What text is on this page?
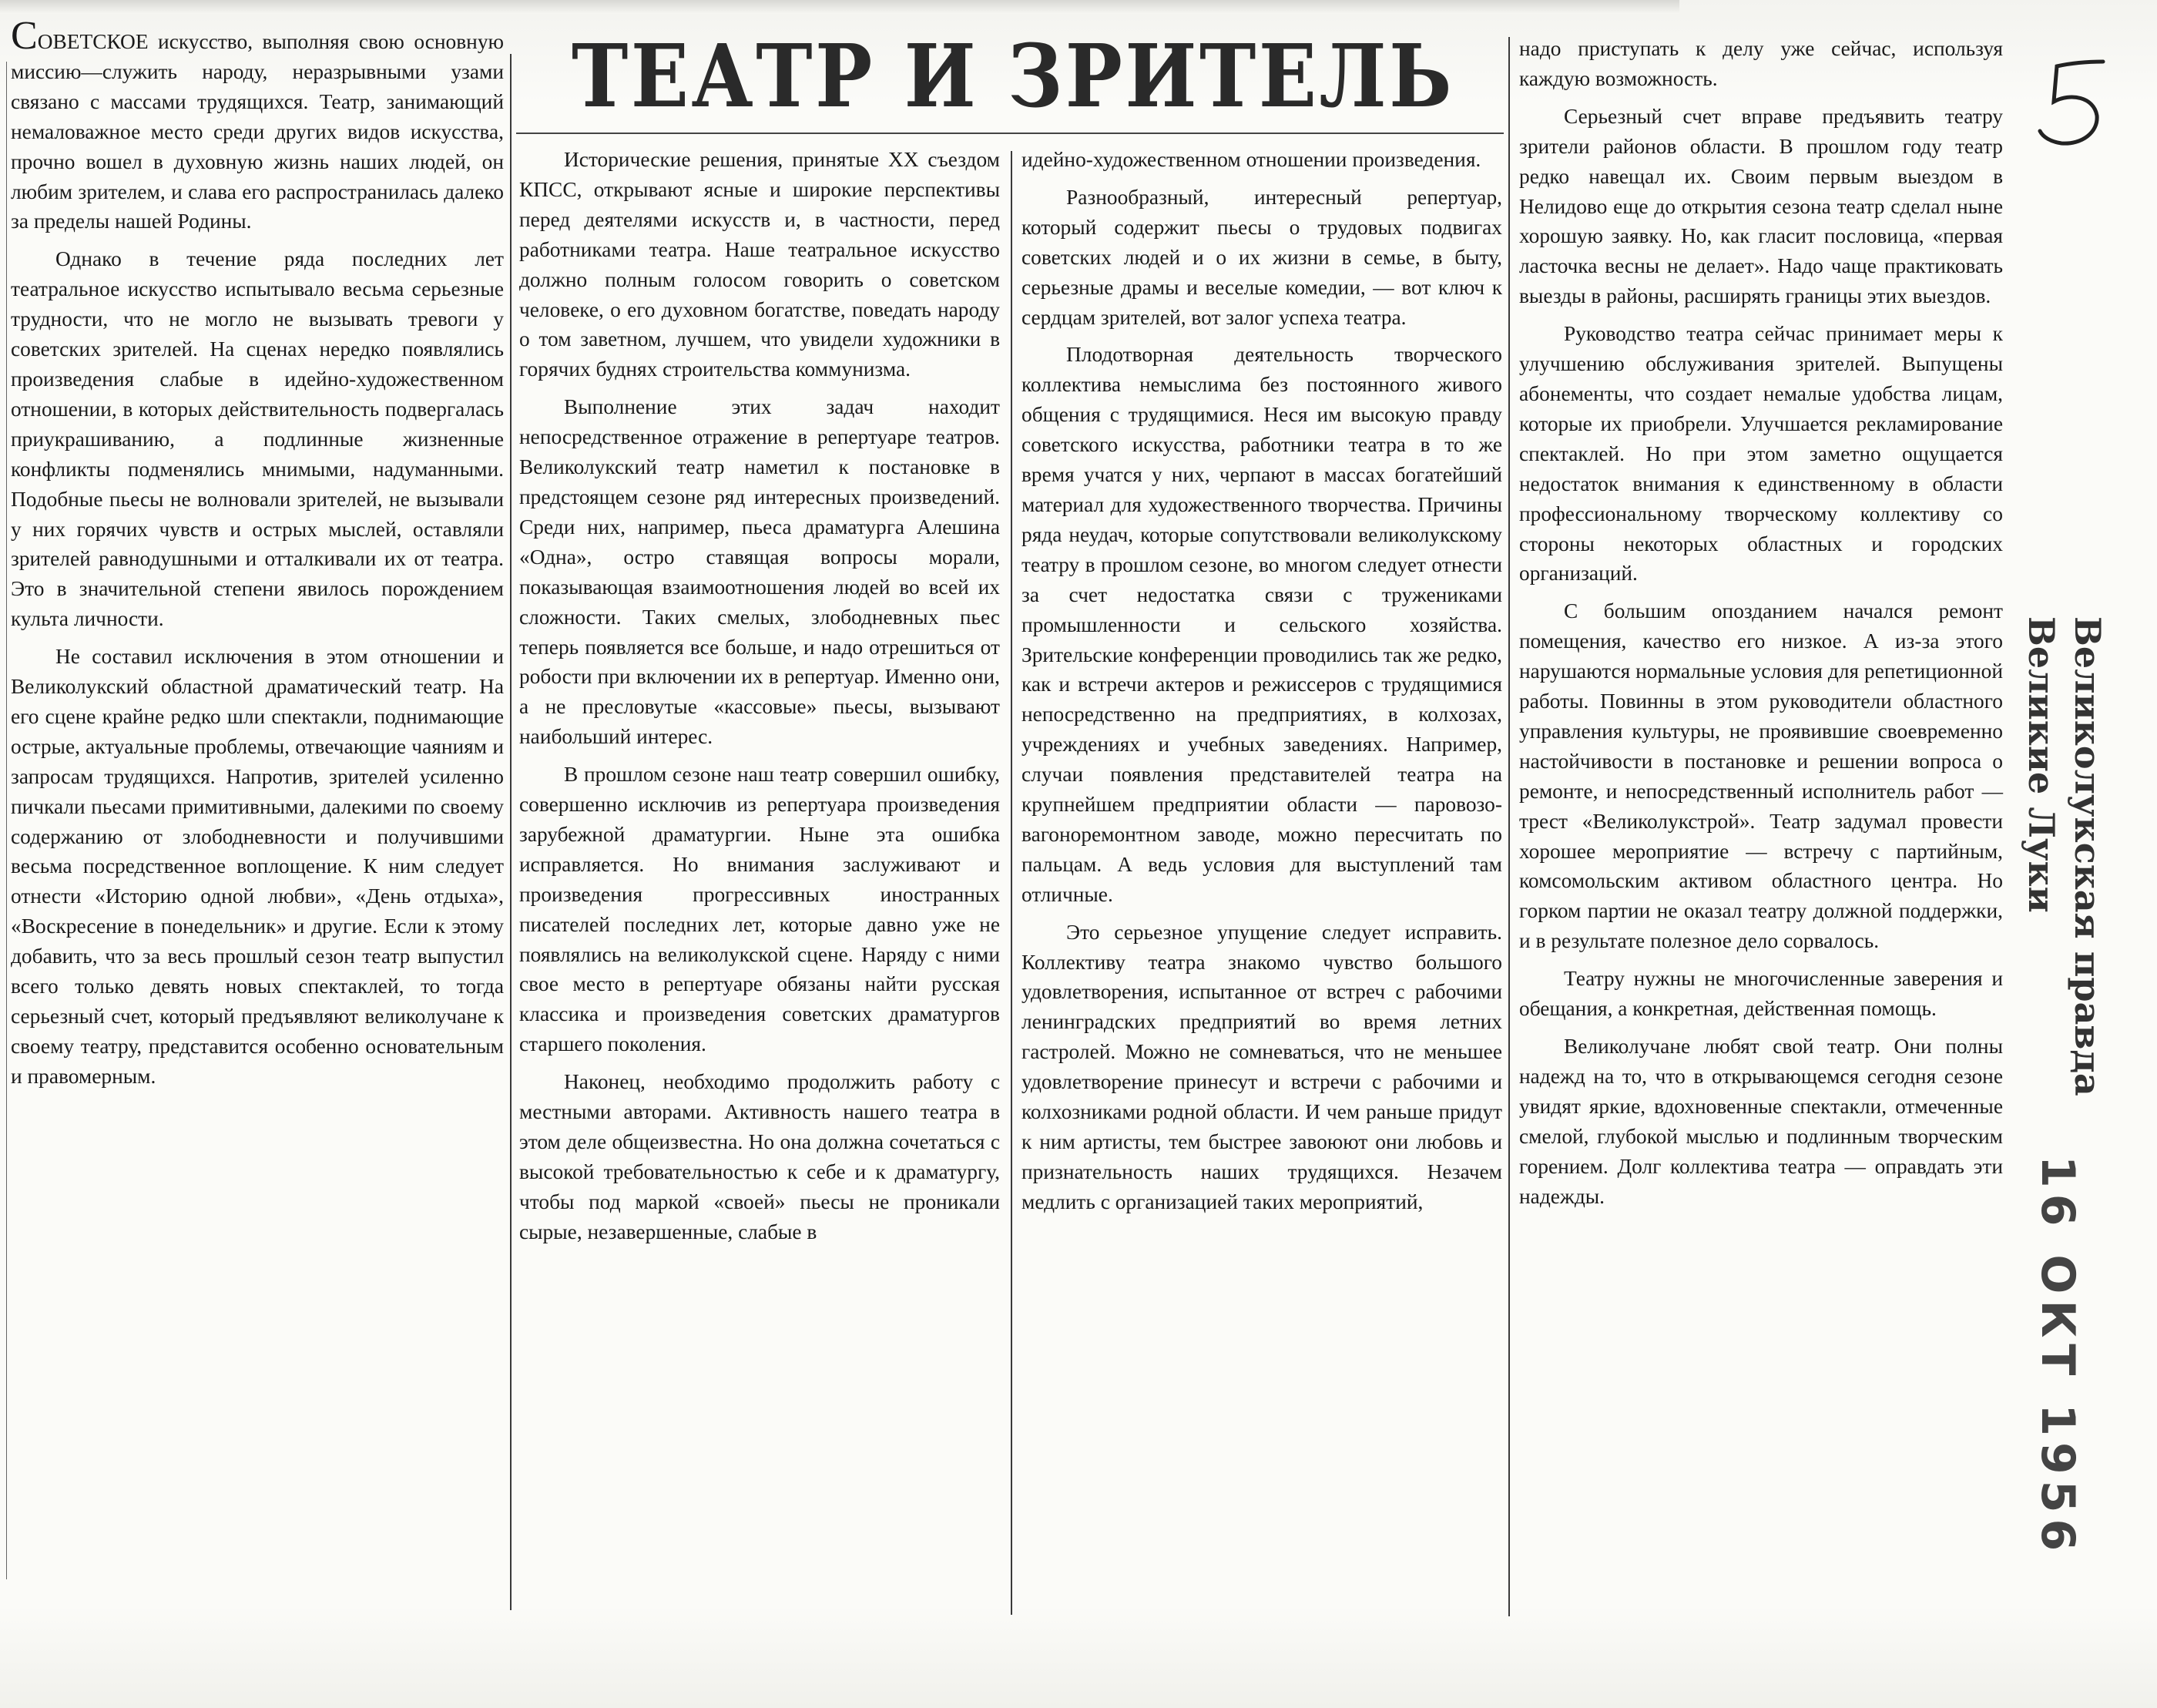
ТЕАТР И ЗРИТЕЛЬ

СОВЕТСКОЕ искусство, выполняя свою основную миссию—служить народу, неразрывными узами связано с массами трудящихся. Театр, занимающий немаловажное место среди других видов искусства, прочно вошел в духовную жизнь наших людей, он любим зрителем, и слава его распространилась далеко за пределы нашей Родины.

Однако в течение ряда последних лет театральное искусство испытывало весьма серьезные трудности, что не могло не вызывать тревоги у советских зрителей. На сценах нередко появлялись произведения слабые в идейно-художественном отношении, в которых действительность подвергалась приукрашиванию, а подлинные жизненные конфликты подменялись мнимыми, надуманными. Подобные пьесы не волновали зрителей, не вызывали у них горячих чувств и острых мыслей, оставляли зрителей равнодушными и отталкивали их от театра. Это в значительной степени явилось порождением культа личности.

Не составил исключения в этом отношении и Великолукский областной драматический театр. На его сцене крайне редко шли спектакли, поднимающие острые, актуальные проблемы, отвечающие чаяниям и запросам трудящихся. Напротив, зрителей усиленно пичкали пьесами примитивными, далекими по своему содержанию от злободневности и получившими весьма посредственное воплощение. К ним следует отнести «Историю одной любви», «День отдыха», «Воскресение в понедельник» и другие. Если к этому добавить, что за весь прошлый сезон театр выпустил всего только девять новых спектаклей, то тогда серьезный счет, который предъявляют великолучане к своему театру, представится особенно основательным и правомерным.

Исторические решения, принятые XX съездом КПСС, открывают ясные и широкие перспективы перед деятелями искусств и, в частности, перед работниками театра. Наше театральное искусство должно полным голосом говорить о советском человеке, о его духовном богатстве, поведать народу о том заветном, лучшем, что увидели художники в горячих буднях строительства коммунизма.

Выполнение этих задач находит непосредственное отражение в репертуаре театров. Великолукский театр наметил к постановке в предстоящем сезоне ряд интересных произведений. Среди них, например, пьеса драматурга Алешина «Одна», остро ставящая вопросы морали, показывающая взаимоотношения людей во всей их сложности. Таких смелых, злободневных пьес теперь появляется все больше, и надо отрешиться от робости при включении их в репертуар. Именно они, а не пресловутые «кассовые» пьесы, вызывают наибольший интерес.

В прошлом сезоне наш театр совершил ошибку, совершенно исключив из репертуара произведения зарубежной драматургии. Ныне эта ошибка исправляется. Но внимания заслуживают и произведения прогрессивных иностранных писателей последних лет, которые давно уже не появлялись на великолукской сцене. Наряду с ними свое место в репертуаре обязаны найти русская классика и произведения советских драматургов старшего поколения.

Наконец, необходимо продолжить работу с местными авторами. Активность нашего театра в этом деле общеизвестна. Но она должна сочетаться с высокой требовательностью к себе и к драматургу, чтобы под маркой «своей» пьесы не проникали сырые, незавершенные, слабые в

идейно-художественном отношении произведения.

Разнообразный, интересный репертуар, который содержит пьесы о трудовых подвигах советских людей и о их жизни в семье, в быту, серьезные драмы и веселые комедии, — вот ключ к сердцам зрителей, вот залог успеха театра.

Плодотворная деятельность творческого коллектива немыслима без постоянного живого общения с трудящимися. Неся им высокую правду советского искусства, работники театра в то же время учатся у них, черпают в массах богатейший материал для художественного творчества. Причины ряда неудач, которые сопутствовали великолукскому театру в прошлом сезоне, во многом следует отнести за счет недостатка связи с тружениками промышленности и сельского хозяйства. Зрительские конференции проводились так же редко, как и встречи актеров и режиссеров с трудящимися непосредственно на предприятиях, в колхозах, учреждениях и учебных заведениях. Например, случаи появления представителей театра на крупнейшем предприятии области — паровозо-вагоноремонтном заводе, можно пересчитать по пальцам. А ведь условия для выступлений там отличные.

Это серьезное упущение следует исправить. Коллективу театра знакомо чувство большого удовлетворения, испытанное от встреч с рабочими ленинградских предприятий во время летних гастролей. Можно не сомневаться, что не меньшее удовлетворение принесут и встречи с рабочими и колхозниками родной области. И чем раньше придут к ним артисты, тем быстрее завоюют они любовь и признательность наших трудящихся. Незачем медлить с организацией таких мероприятий,

надо приступать к делу уже сейчас, используя каждую возможность.

Серьезный счет вправе предъявить театру зрители районов области. В прошлом году театр редко навещал их. Своим первым выездом в Нелидово еще до открытия сезона театр сделал ныне хорошую заявку. Но, как гласит пословица, «первая ласточка весны не делает». Надо чаще практиковать выезды в районы, расширять границы этих выездов.

Руководство театра сейчас принимает меры к улучшению обслуживания зрителей. Выпущены абонементы, что создает немалые удобства лицам, которые их приобрели. Улучшается рекламирование спектаклей. Но при этом заметно ощущается недостаток внимания к единственному в области профессиональному творческому коллективу со стороны некоторых областных и городских организаций.

С большим опозданием начался ремонт помещения, качество его низкое. А из-за этого нарушаются нормальные условия для репетиционной работы. Повинны в этом руководители областного управления культуры, не проявившие своевременно настойчивости в постановке и решении вопроса о ремонте, и непосредственный исполнитель работ — трест «Великолукстрой». Театр задумал провести хорошее мероприятие — встречу с партийным, комсомольским активом областного центра. Но горком партии не оказал театру должной поддержки, и в результате полезное дело сорвалось.

Театру нужны не многочисленные заверения и обещания, а конкретная, действенная помощь.

Великолучане любят свой театр. Они полны надежд на то, что в открывающемся сегодня сезоне увидят яркие, вдохновенные спектакли, отмеченные смелой, глубокой мыслью и подлинным творческим горением. Долг коллектива театра — оправдать эти надежды.

5
Великолукская правда
Великие Луки
16 ОКТ 1956
